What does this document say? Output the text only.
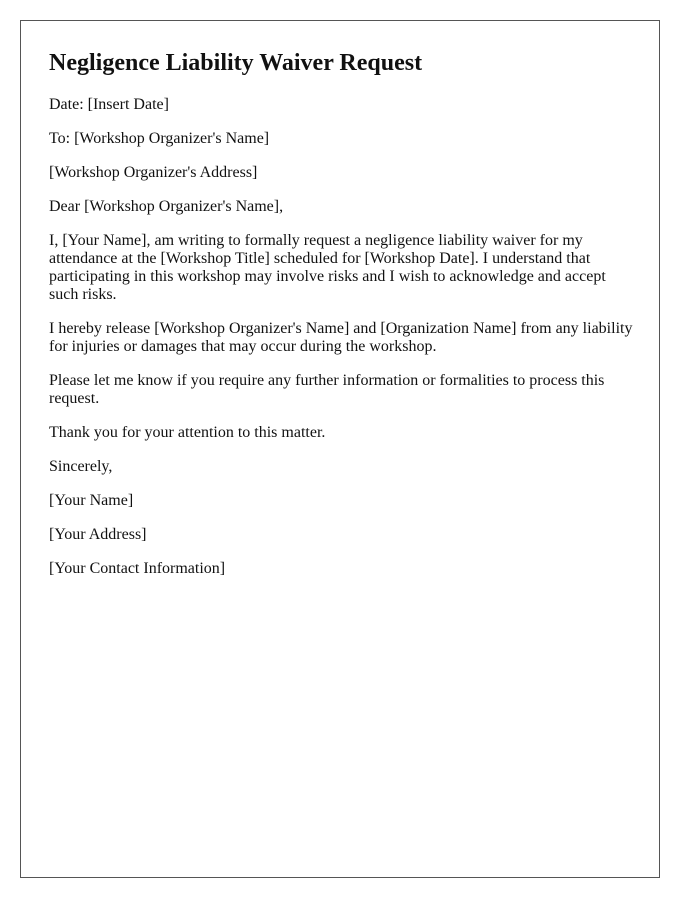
Negligence Liability Waiver Request

Date: [Insert Date]

To: [Workshop Organizer's Name]

[Workshop Organizer's Address]

Dear [Workshop Organizer's Name],

I, [Your Name], am writing to formally request a negligence liability waiver for my attendance at the [Workshop Title] scheduled for [Workshop Date]. I understand that participating in this workshop may involve risks and I wish to acknowledge and accept such risks.

I hereby release [Workshop Organizer's Name] and [Organization Name] from any liability for injuries or damages that may occur during the workshop.

Please let me know if you require any further information or formalities to process this request.

Thank you for your attention to this matter.

Sincerely,

[Your Name]

[Your Address]

[Your Contact Information]
